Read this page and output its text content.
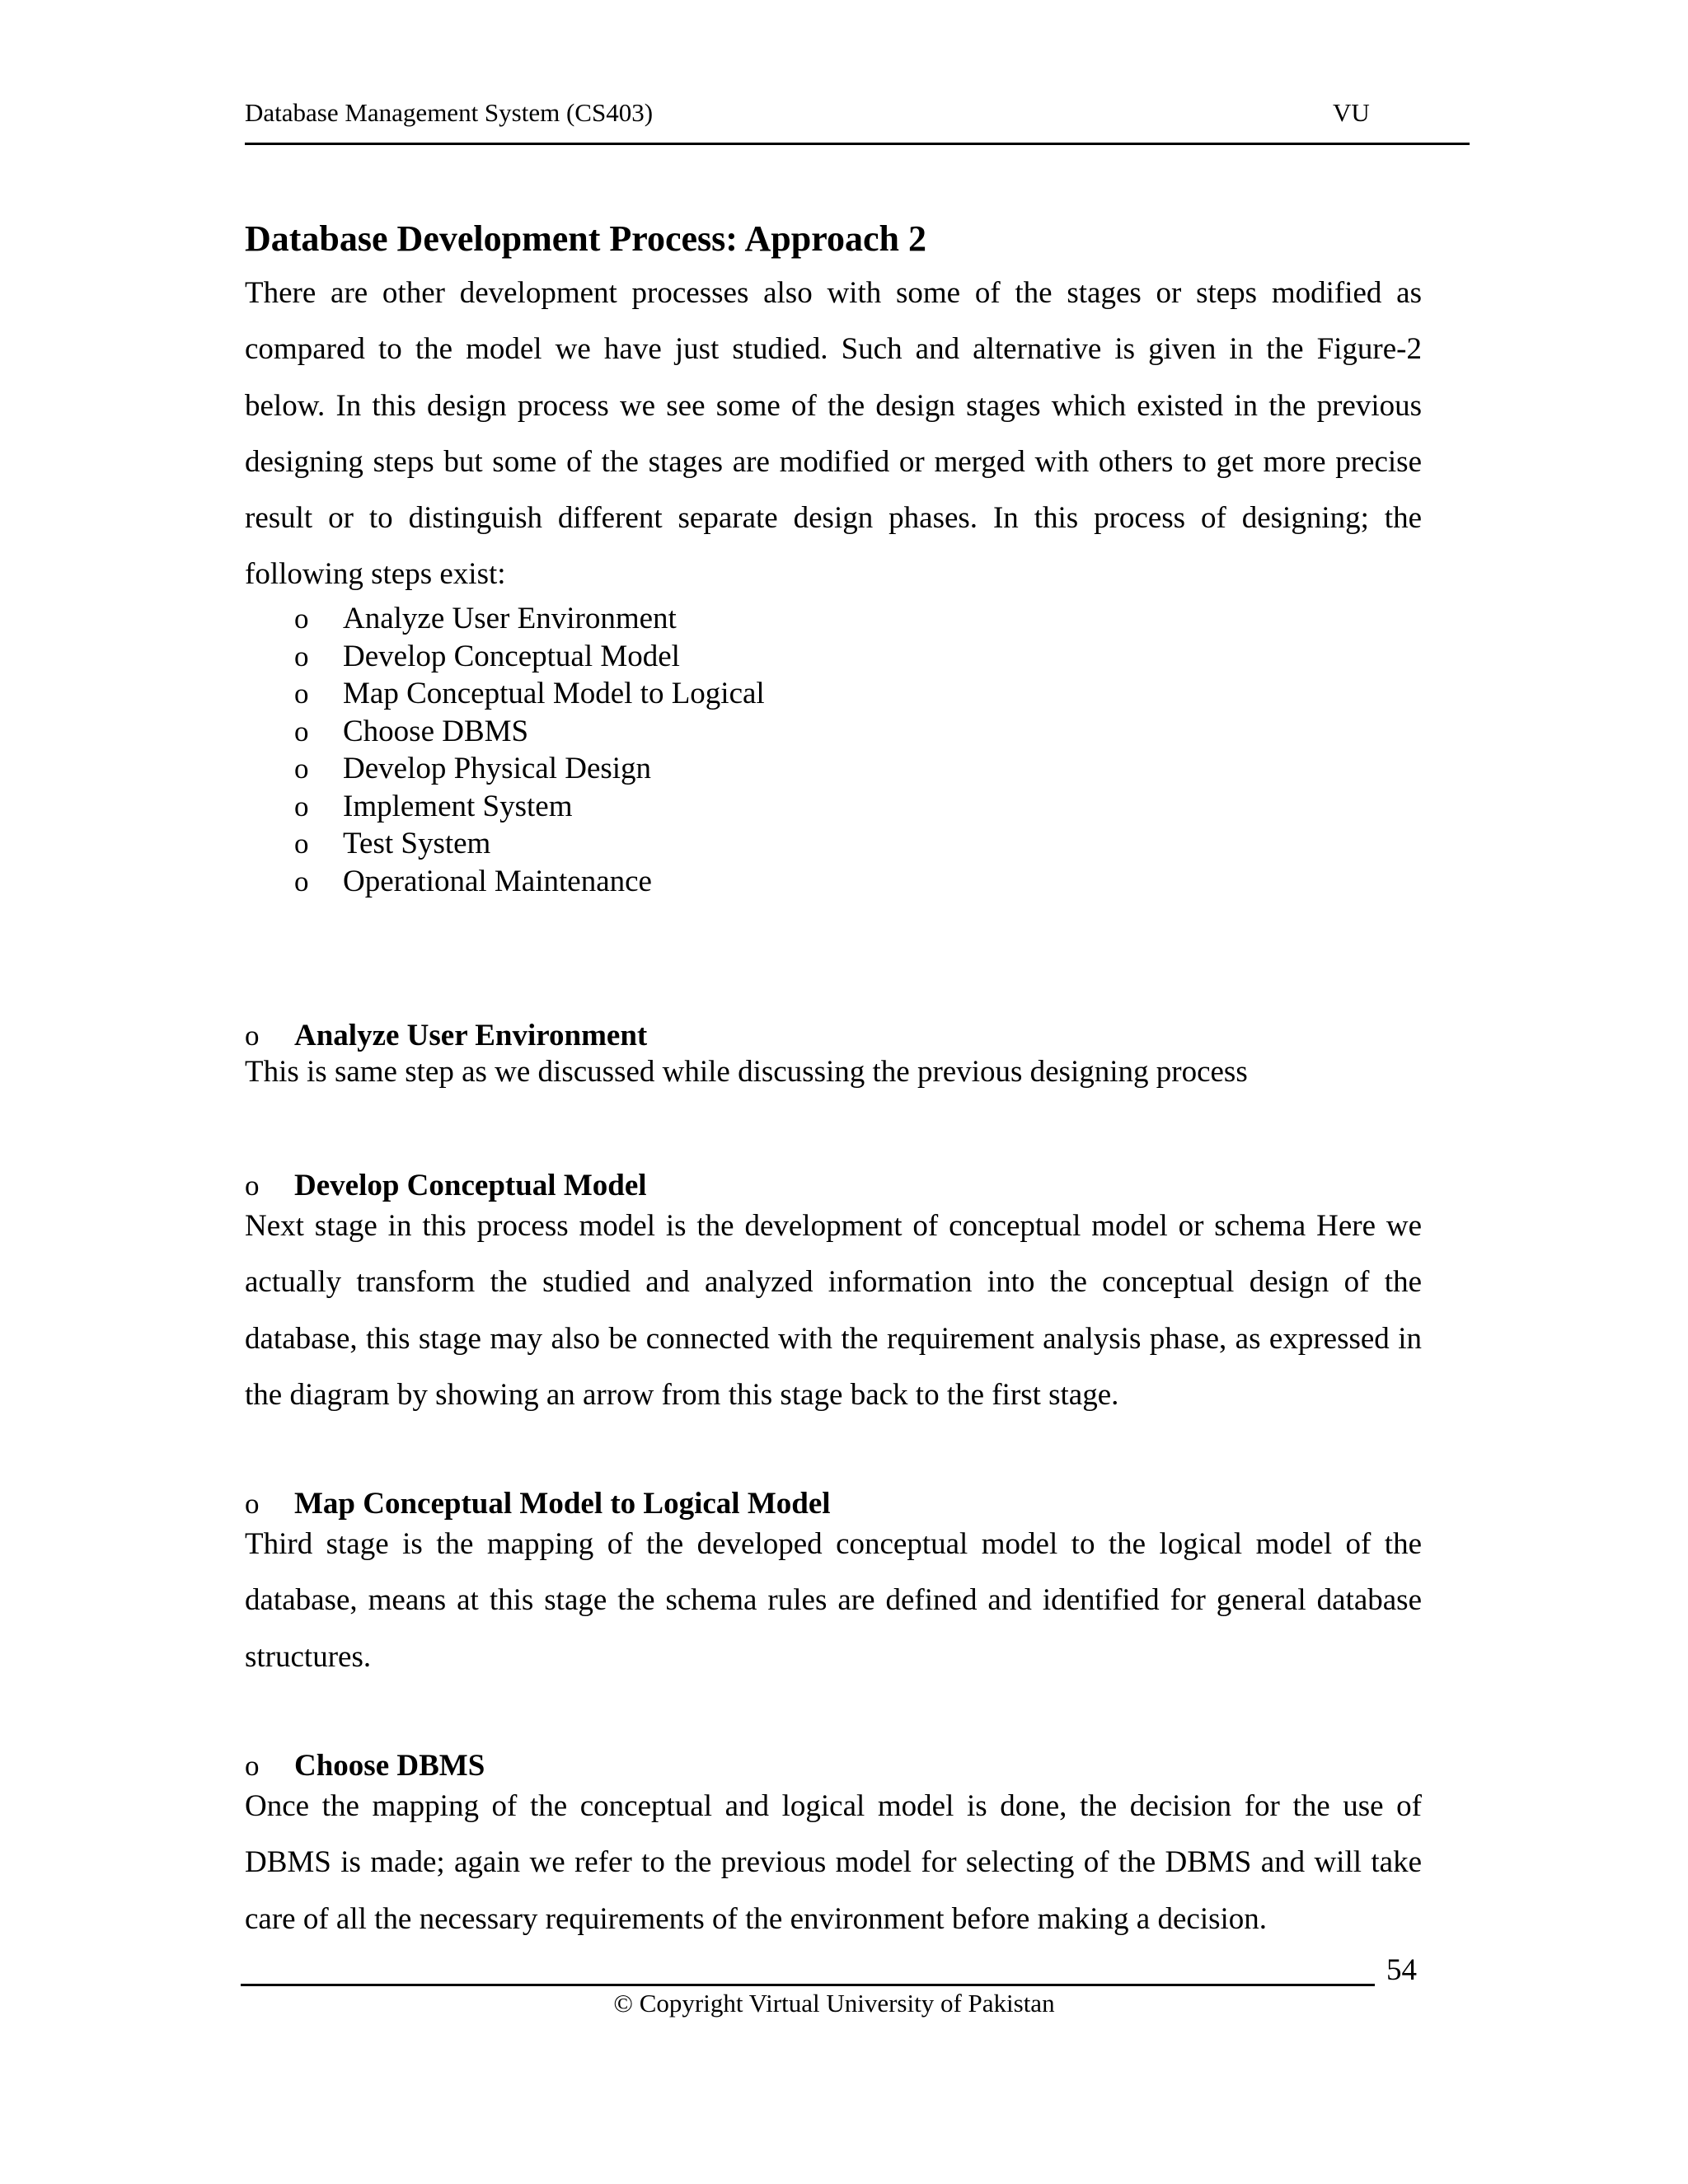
Database Management System (CS403)	VU
Database Development Process: Approach 2

There are other development processes also with some of the stages or steps modified as compared to the model we have just studied. Such and alternative is given in the Figure-2 below. In this design process we see some of the design stages which existed in the previous designing steps but some of the stages are modified or merged with others to get more precise result or to distinguish different separate design phases. In this process of designing; the following steps exist:

o Analyze User Environment
o Develop Conceptual Model
o Map Conceptual Model to Logical
o Choose DBMS
o Develop Physical Design
o Implement System
o Test System
o Operational Maintenance
o Analyze User Environment

This is same step as we discussed while discussing the previous designing process

o Develop Conceptual Model

Next stage in this process model is the development of conceptual model or schema Here we actually transform the studied and analyzed information into the conceptual design of the database, this stage may also be connected with the requirement analysis phase, as expressed in the diagram by showing an arrow from this stage back to the first stage.

o Map Conceptual Model to Logical Model

Third stage is the mapping of the developed conceptual model to the logical model of the database, means at this stage the schema rules are defined and identified for general database structures.

o Choose DBMS

Once the mapping of the conceptual and logical model is done, the decision for the use of DBMS is made; again we refer to the previous model for selecting of the DBMS and will take care of all the necessary requirements of the environment before making a decision.

54
© Copyright Virtual University of Pakistan
